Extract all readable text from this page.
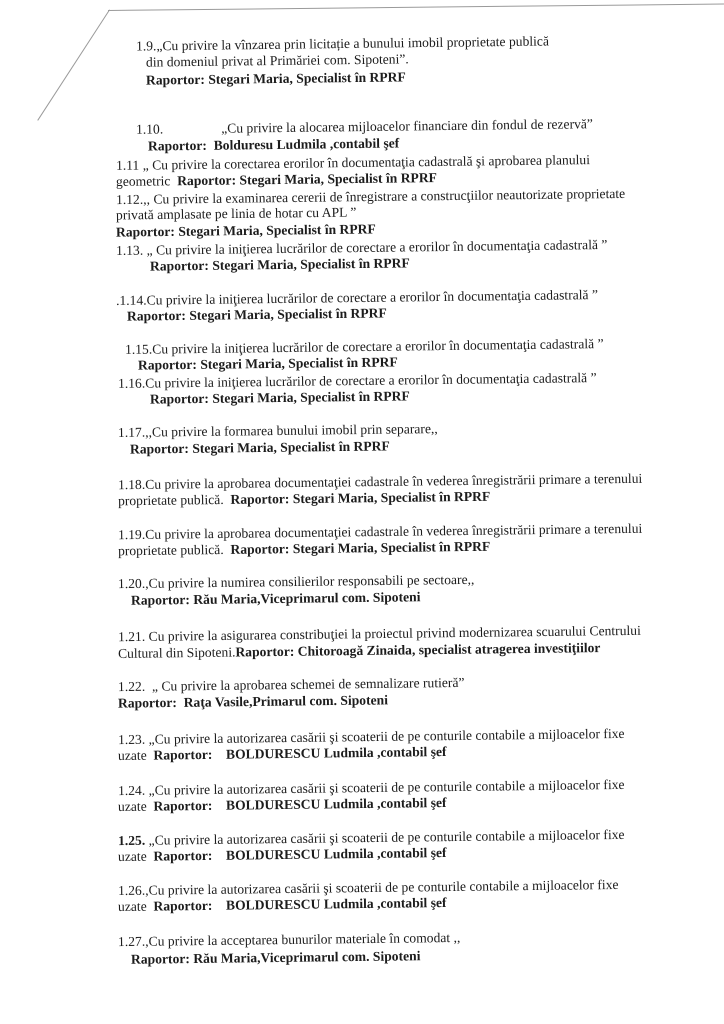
1.9.„Cu privire la vînzarea prin licitație a bunului imobil proprietate publică
din domeniul privat al Primăriei com. Sipoteni”.
Raportor: Stegari Maria, Specialist în RPRF
1.10.	„Cu privire la alocarea mijloacelor financiare din fondul de rezervă”
Raportor: Bolduresu Ludmila ,contabil şef
1.11 „ Cu privire la corectarea erorilor în documentaţia cadastrală şi aprobarea planului
geometric Raportor: Stegari Maria, Specialist în RPRF
1.12.,, Cu privire la examinarea cererii de înregistrare a construcţiilor neautorizate proprietate
privată amplasate pe linia de hotar cu APL ”
Raportor: Stegari Maria, Specialist în RPRF
1.13. „ Cu privire la iniţierea lucrărilor de corectare a erorilor în documentaţia cadastrală ”
Raportor: Stegari Maria, Specialist în RPRF
.1.14.Cu privire la iniţierea lucrărilor de corectare a erorilor în documentaţia cadastrală ”
Raportor: Stegari Maria, Specialist în RPRF
1.15.Cu privire la iniţierea lucrărilor de corectare a erorilor în documentaţia cadastrală ”
Raportor: Stegari Maria, Specialist în RPRF
1.16.Cu privire la iniţierea lucrărilor de corectare a erorilor în documentaţia cadastrală ”
Raportor: Stegari Maria, Specialist în RPRF
1.17.,,Cu privire la formarea bunului imobil prin separare,,
Raportor: Stegari Maria, Specialist în RPRF
1.18.Cu privire la aprobarea documentaţiei cadastrale în vederea înregistrării primare a terenului
proprietate publică. Raportor: Stegari Maria, Specialist în RPRF
1.19.Cu privire la aprobarea documentaţiei cadastrale în vederea înregistrării primare a terenului
proprietate publică. Raportor: Stegari Maria, Specialist în RPRF
1.20.,Cu privire la numirea consilierilor responsabili pe sectoare,,
Raportor: Rău Maria,Viceprimarul com. Sipoteni
1.21. Cu privire la asigurarea constribuţiei la proiectul privind modernizarea scuarului Centrului
Cultural din Sipoteni.Raportor: Chitoroagă Zinaida, specialist atragerea investiţiilor
1.22. „ Cu privire la aprobarea schemei de semnalizare rutieră”
Raportor: Raţa Vasile,Primarul com. Sipoteni
1.23. „Cu privire la autorizarea casării şi scoaterii de pe conturile contabile a mijloacelor fixe
uzate Raportor: BOLDURESCU Ludmila ,contabil şef
1.24. „Cu privire la autorizarea casării şi scoaterii de pe conturile contabile a mijloacelor fixe
uzate Raportor: BOLDURESCU Ludmila ,contabil şef
1.25. „Cu privire la autorizarea casării şi scoaterii de pe conturile contabile a mijloacelor fixe
uzate Raportor: BOLDURESCU Ludmila ,contabil şef
1.26.,Cu privire la autorizarea casării şi scoaterii de pe conturile contabile a mijloacelor fixe
uzate Raportor: BOLDURESCU Ludmila ,contabil şef
1.27.,Cu privire la acceptarea bunurilor materiale în comodat ,,
Raportor: Rău Maria,Viceprimarul com. Sipoteni
